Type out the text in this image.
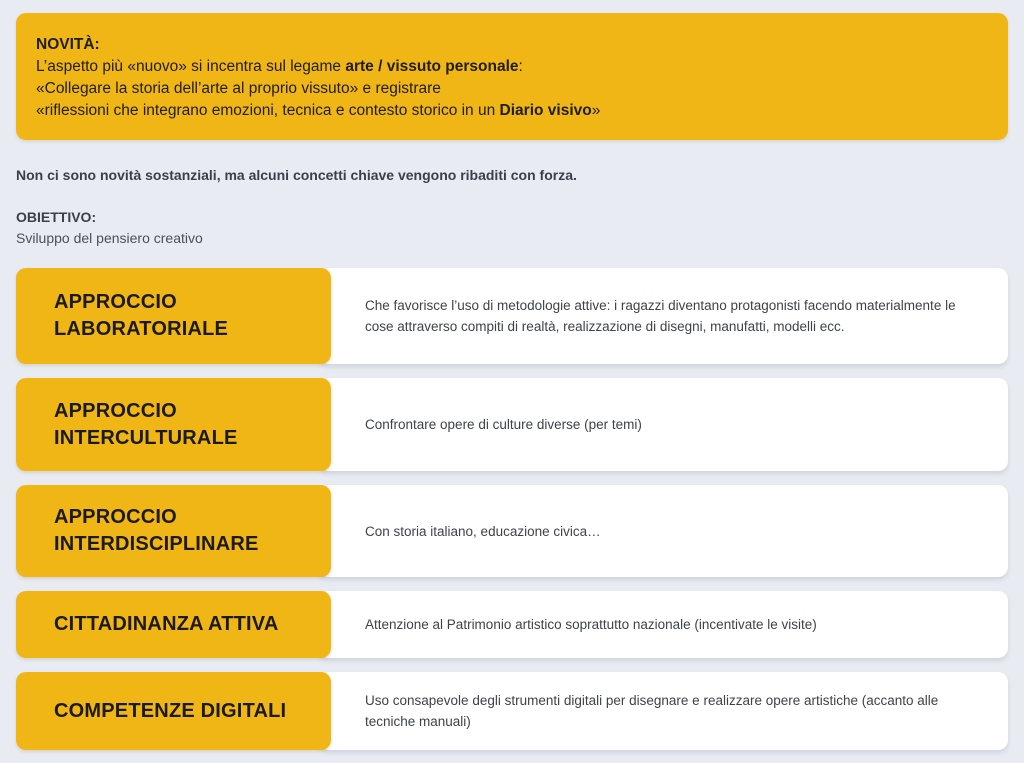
NOVITÀ:
L’aspetto più «nuovo» si incentra sul legame arte / vissuto personale:
«Collegare la storia dell’arte al proprio vissuto» e registrare
«riflessioni che integrano emozioni, tecnica e contesto storico in un Diario visivo»
Non ci sono novità sostanziali, ma alcuni concetti chiave vengono ribaditi con forza.
OBIETTIVO:
Sviluppo del pensiero creativo
APPROCCIO LABORATORIALE
Che favorisce l’uso di metodologie attive: i ragazzi diventano protagonisti facendo materialmente le cose attraverso compiti di realtà, realizzazione di disegni, manufatti, modelli ecc.
APPROCCIO INTERCULTURALE
Confrontare opere di culture diverse (per temi)
APPROCCIO INTERDISCIPLINARE
Con storia italiano, educazione civica…
CITTADINANZA ATTIVA	Attenzione al Patrimonio artistico soprattutto nazionale (incentivate le visite)
COMPETENZE DIGITALI	Uso consapevole degli strumenti digitali per disegnare e realizzare opere artistiche (accanto alle tecniche manuali)
